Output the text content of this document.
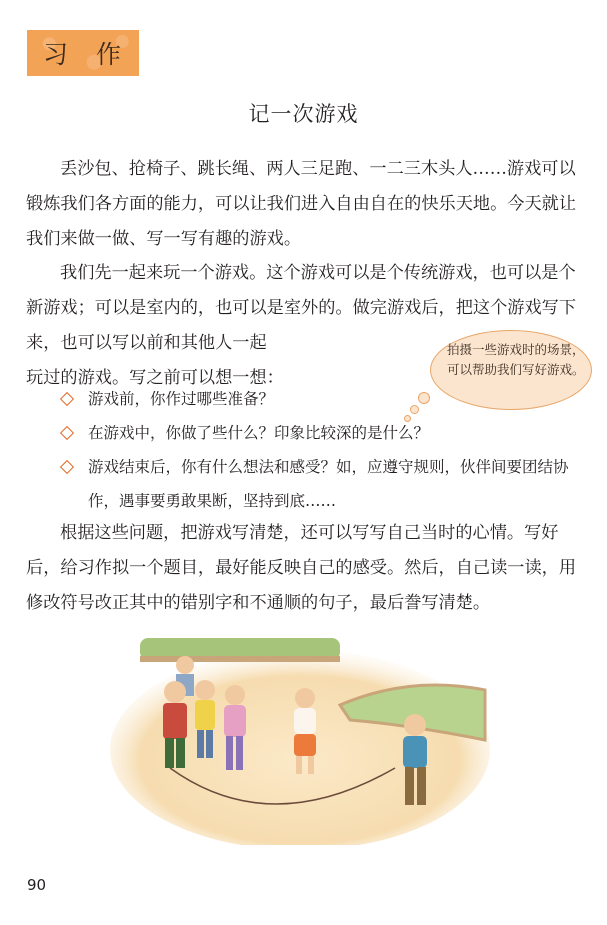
习 作
记一次游戏

丢沙包、抢椅子、跳长绳、两人三足跑、一二三木头人……游戏可以锻炼我们各方面的能力，可以让我们进入自由自在的快乐天地。今天就让我们来做一做、写一写有趣的游戏。

我们先一起来玩一个游戏。这个游戏可以是个传统游戏，也可以是个新游戏；可以是室内的，也可以是室外的。做完游戏后，把这个游戏写下来，也可以写以前和其他人一起
玩过的游戏。写之前可以想一想：

游戏前，你作过哪些准备？
在游戏中，你做了些什么？印象比较深的是什么？
游戏结束后，你有什么想法和感受？如，应遵守规则，伙伴间要团结协作，遇事要勇敢果断，坚持到底……

根据这些问题，把游戏写清楚，还可以写写自己当时的心情。写好后，给习作拟一个题目，最好能反映自己的感受。然后，自己读一读，用修改符号改正其中的错别字和不通顺的句子，最后誊写清楚。

拍摄一些游戏时的场景，可以帮助我们写好游戏。
90
